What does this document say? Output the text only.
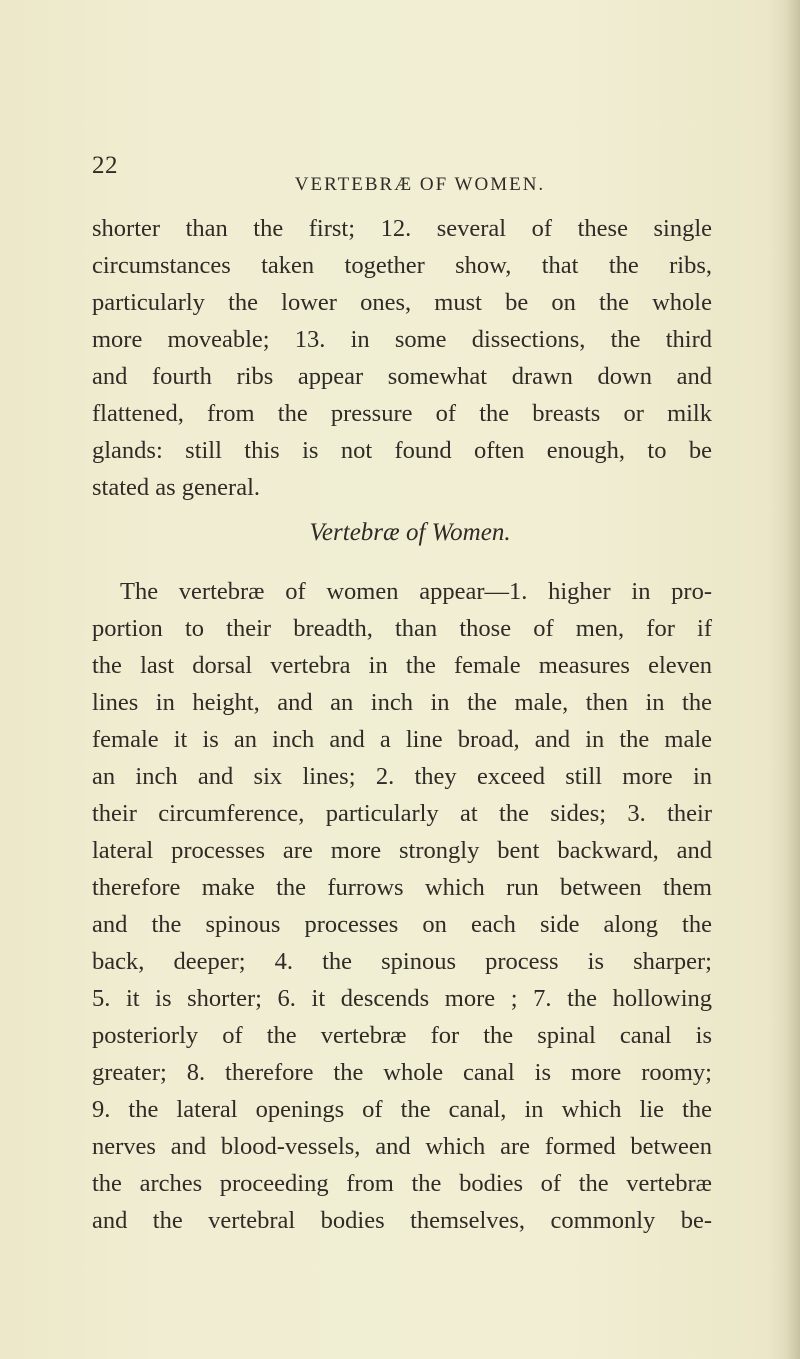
22
VERTEBRÆ OF WOMEN.
shorter than the first; 12. several of these single
circumstances taken together show, that the ribs,
particularly the lower ones, must be on the whole
more moveable; 13. in some dissections, the third
and fourth ribs appear somewhat drawn down and
flattened, from the pressure of the breasts or milk
glands: still this is not found often enough, to be
stated as general.
Vertebræ of Women.
The vertebræ of women appear—1. higher in pro-
portion to their breadth, than those of men, for if
the last dorsal vertebra in the female measures eleven
lines in height, and an inch in the male, then in the
female it is an inch and a line broad, and in the male
an inch and six lines; 2. they exceed still more in
their circumference, particularly at the sides; 3. their
lateral processes are more strongly bent backward, and
therefore make the furrows which run between them
and the spinous processes on each side along the
back, deeper; 4. the spinous process is sharper;
5. it is shorter; 6. it descends more ; 7. the hollowing
posteriorly of the vertebræ for the spinal canal is
greater; 8. therefore the whole canal is more roomy;
9. the lateral openings of the canal, in which lie the
nerves and blood-vessels, and which are formed between
the arches proceeding from the bodies of the vertebræ
and the vertebral bodies themselves, commonly be-
